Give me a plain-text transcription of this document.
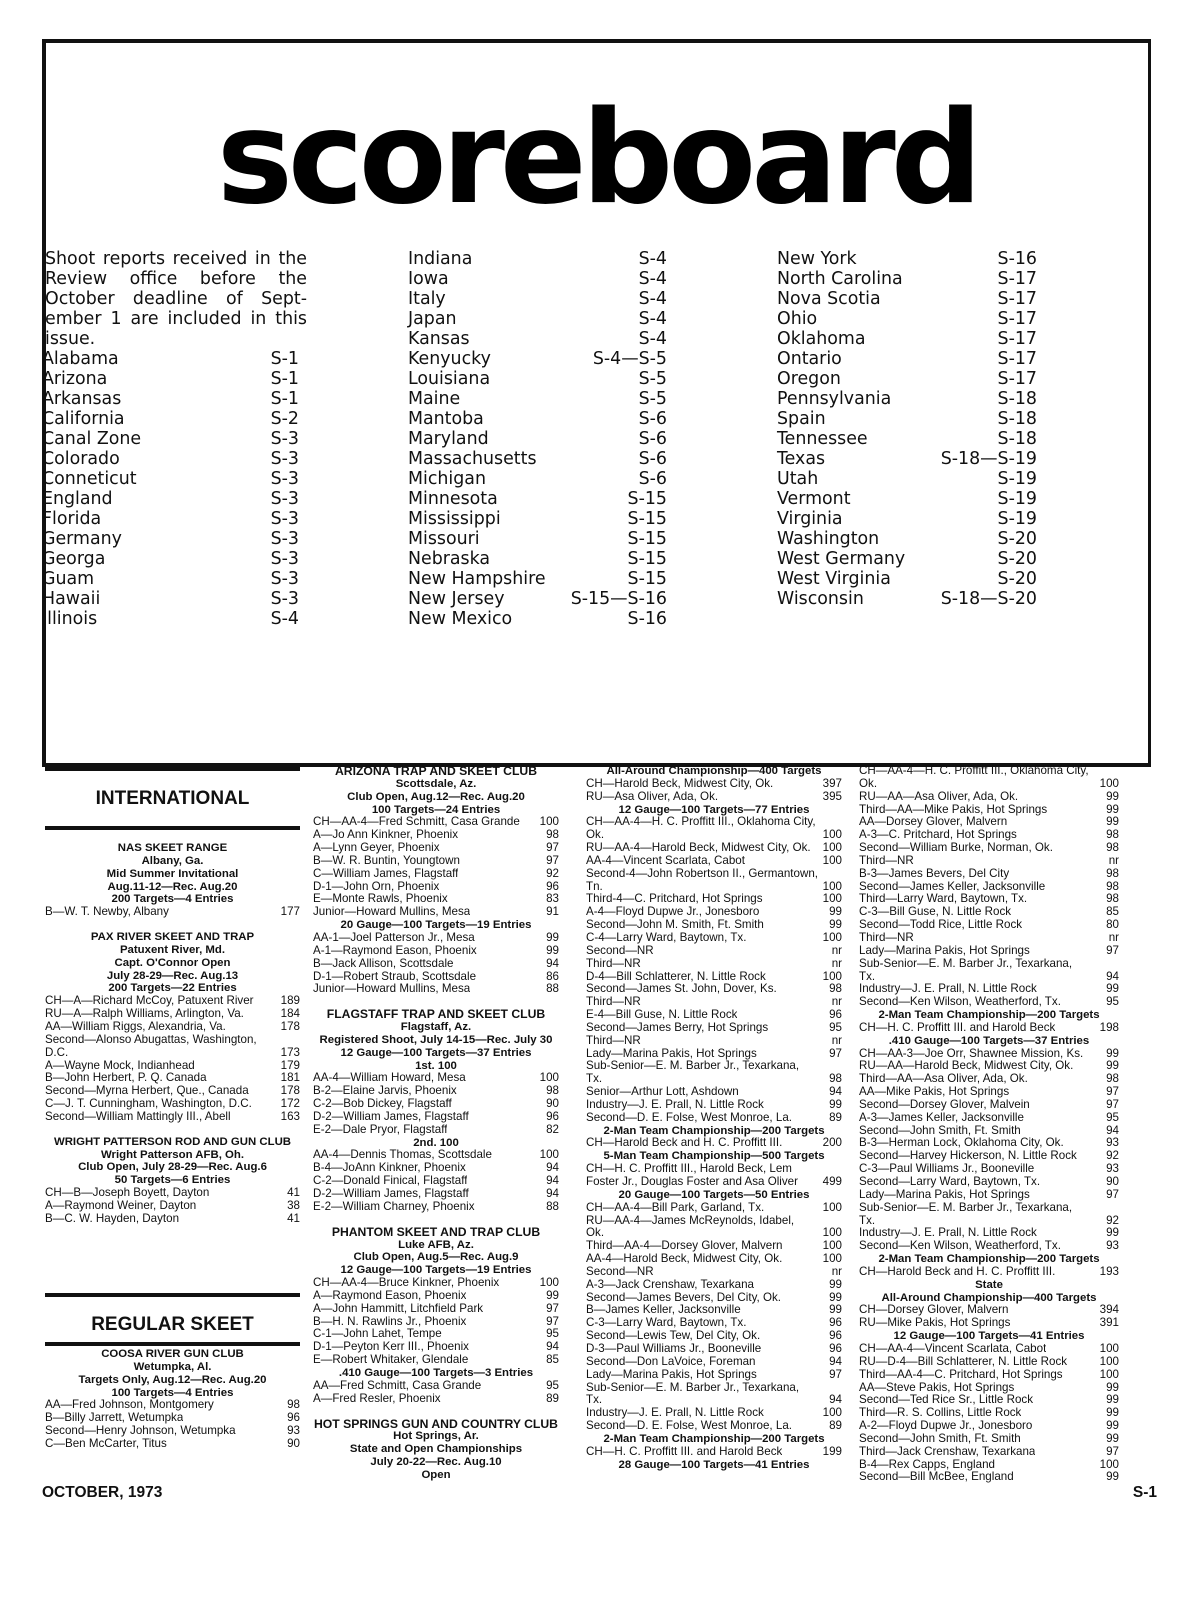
scoreboard
Shoot reports received in the
Review office before the
October deadline of Sept-
ember 1 are included in this
issue.
Alabama	S-1
Arizona	S-1
Arkansas	S-1
California	S-2
Canal Zone	S-3
Colorado	S-3
Conneticut	S-3
England	S-3
Florida	S-3
Germany	S-3
Georga	S-3
Guam	S-3
Hawaii	S-3
Illinois	S-4
Indiana	S-4
Iowa	S-4
Italy	S-4
Japan	S-4
Kansas	S-4
Kenyucky	S-4—S-5
Louisiana	S-5
Maine	S-5
Mantoba	S-6
Maryland	S-6
Massachusetts	S-6
Michigan	S-6
Minnesota	S-15
Mississippi	S-15
Missouri	S-15
Nebraska	S-15
New Hampshire	S-15
New Jersey	S-15—S-16
New Mexico	S-16
New York	S-16
North Carolina	S-17
Nova Scotia	S-17
Ohio	S-17
Oklahoma	S-17
Ontario	S-17
Oregon	S-17
Pennsylvania	S-18
Spain	S-18
Tennessee	S-18
Texas	S-18—S-19
Utah	S-19
Vermont	S-19
Virginia	S-19
Washington	S-20
West Germany	S-20
West Virginia	S-20
Wisconsin	S-18—S-20
INTERNATIONAL
REGULAR SKEET
NAS SKEET RANGE
Albany, Ga.
Mid Summer Invitational
Aug.11-12—Rec. Aug.20
200 Targets—4 Entries
B—W. T. Newby, Albany	177
PAX RIVER SKEET AND TRAP
Patuxent River, Md.
Capt. O'Connor Open
July 28-29—Rec. Aug.13
200 Targets—22 Entries
CH—A—Richard McCoy, Patuxent River	189
RU—A—Ralph Williams, Arlington, Va.	184
AA—William Riggs, Alexandria, Va.	178
Second—Alonso Abugattas, Washington,
D.C.	173
A—Wayne Mock, Indianhead	179
B—John Herbert, P. Q. Canada	181
Second—Myrna Herbert, Que., Canada	178
C—J. T. Cunningham, Washington, D.C.	172
Second—William Mattingly III., Abell	163
WRIGHT PATTERSON ROD AND GUN CLUB
Wright Patterson AFB, Oh.
Club Open, July 28-29—Rec. Aug.6
50 Targets—6 Entries
CH—B—Joseph Boyett, Dayton	41
A—Raymond Weiner, Dayton	38
B—C. W. Hayden, Dayton	41
COOSA RIVER GUN CLUB
Wetumpka, Al.
Targets Only, Aug.12—Rec. Aug.20
100 Targets—4 Entries
AA—Fred Johnson, Montgomery	98
B—Billy Jarrett, Wetumpka	96
Second—Henry Johnson, Wetumpka	93
C—Ben McCarter, Titus	90
ARIZONA TRAP AND SKEET CLUB
Scottsdale, Az.
Club Open, Aug.12—Rec. Aug.20
100 Targets—24 Entries
CH—AA-4—Fred Schmitt, Casa Grande	100
A—Jo Ann Kinkner, Phoenix	98
A—Lynn Geyer, Phoenix	97
B—W. R. Buntin, Youngtown	97
C—William James, Flagstaff	92
D-1—John Orn, Phoenix	96
E—Monte Rawls, Phoenix	83
Junior—Howard Mullins, Mesa	91
20 Gauge—100 Targets—19 Entries
AA-1—Joel Patterson Jr., Mesa	99
A-1—Raymond Eason, Phoenix	99
B—Jack Allison, Scottsdale	94
D-1—Robert Straub, Scottsdale	86
Junior—Howard Mullins, Mesa	88
FLAGSTAFF TRAP AND SKEET CLUB
Flagstaff, Az.
Registered Shoot, July 14-15—Rec. July 30
12 Gauge—100 Targets—37 Entries
1st. 100
AA-4—William Howard, Mesa	100
B-2—Elaine Jarvis, Phoenix	98
C-2—Bob Dickey, Flagstaff	90
D-2—William James, Flagstaff	96
E-2—Dale Pryor, Flagstaff	82
2nd. 100
AA-4—Dennis Thomas, Scottsdale	100
B-4—JoAnn Kinkner, Phoenix	94
C-2—Donald Finical, Flagstaff	94
D-2—William James, Flagstaff	94
E-2—William Charney, Phoenix	88
PHANTOM SKEET AND TRAP CLUB
Luke AFB, Az.
Club Open, Aug.5—Rec. Aug.9
12 Gauge—100 Targets—19 Entries
CH—AA-4—Bruce Kinkner, Phoenix	100
A—Raymond Eason, Phoenix	99
A—John Hammitt, Litchfield Park	97
B—H. N. Rawlins Jr., Phoenix	97
C-1—John Lahet, Tempe	95
D-1—Peyton Kerr III., Phoenix	94
E—Robert Whitaker, Glendale	85
.410 Gauge—100 Targets—3 Entries
AA—Fred Schmitt, Casa Grande	95
A—Fred Resler, Phoenix	89
HOT SPRINGS GUN AND COUNTRY CLUB
Hot Springs, Ar.
State and Open Championships
July 20-22—Rec. Aug.10
Open
All-Around Championship—400 Targets
CH—Harold Beck, Midwest City, Ok.	397
RU—Asa Oliver, Ada, Ok.	395
12 Gauge—100 Targets—77 Entries
CH—AA-4—H. C. Proffitt III., Oklahoma City,
Ok.	100
RU—AA-4—Harold Beck, Midwest City, Ok.	100
AA-4—Vincent Scarlata, Cabot	100
Second-4—John Robertson II., Germantown,
Tn.	100
Third-4—C. Pritchard, Hot Springs	100
A-4—Floyd Dupwe Jr., Jonesboro	99
Second—John M. Smith, Ft. Smith	99
C-4—Larry Ward, Baytown, Tx.	100
Second—NR	nr
Third—NR	nr
D-4—Bill Schlatterer, N. Little Rock	100
Second—James St. John, Dover, Ks.	98
Third—NR	nr
E-4—Bill Guse, N. Little Rock	96
Second—James Berry, Hot Springs	95
Third—NR	nr
Lady—Marina Pakis, Hot Springs	97
Sub-Senior—E. M. Barber Jr., Texarkana,
Tx.	98
Senior—Arthur Lott, Ashdown	94
Industry—J. E. Prall, N. Little Rock	99
Second—D. E. Folse, West Monroe, La.	89
2-Man Team Championship—200 Targets
CH—Harold Beck and H. C. Proffitt III.	200
5-Man Team Championship—500 Targets
CH—H. C. Proffitt III., Harold Beck, Lem
Foster Jr., Douglas Foster and Asa Oliver	499
20 Gauge—100 Targets—50 Entries
CH—AA-4—Bill Park, Garland, Tx.	100
RU—AA-4—James McReynolds, Idabel,
Ok.	100
Third—AA-4—Dorsey Glover, Malvern	100
AA-4—Harold Beck, Midwest City, Ok.	100
Second—NR	nr
A-3—Jack Crenshaw, Texarkana	99
Second—James Bevers, Del City, Ok.	99
B—James Keller, Jacksonville	99
C-3—Larry Ward, Baytown, Tx.	96
Second—Lewis Tew, Del City, Ok.	96
D-3—Paul Williams Jr., Booneville	96
Second—Don LaVoice, Foreman	94
Lady—Marina Pakis, Hot Springs	97
Sub-Senior—E. M. Barber Jr., Texarkana,
Tx.	94
Industry—J. E. Prall, N. Little Rock	100
Second—D. E. Folse, West Monroe, La.	89
2-Man Team Championship—200 Targets
CH—H. C. Proffitt III. and Harold Beck	199
28 Gauge—100 Targets—41 Entries
CH—AA-4—H. C. Proffitt III., Oklahoma City,
Ok.	100
RU—AA—Asa Oliver, Ada, Ok.	99
Third—AA—Mike Pakis, Hot Springs	99
AA—Dorsey Glover, Malvern	99
A-3—C. Pritchard, Hot Springs	98
Second—William Burke, Norman, Ok.	98
Third—NR	nr
B-3—James Bevers, Del City	98
Second—James Keller, Jacksonville	98
Third—Larry Ward, Baytown, Tx.	98
C-3—Bill Guse, N. Little Rock	85
Second—Todd Rice, Little Rock	80
Third—NR	nr
Lady—Marina Pakis, Hot Springs	97
Sub-Senior—E. M. Barber Jr., Texarkana,
Tx.	94
Industry—J. E. Prall, N. Little Rock	99
Second—Ken Wilson, Weatherford, Tx.	95
2-Man Team Championship—200 Targets
CH—H. C. Proffitt III. and Harold Beck	198
.410 Gauge—100 Targets—37 Entries
CH—AA-3—Joe Orr, Shawnee Mission, Ks.	99
RU—AA—Harold Beck, Midwest City, Ok.	99
Third—AA—Asa Oliver, Ada, Ok.	98
AA—Mike Pakis, Hot Springs	97
Second—Dorsey Glover, Malvein	97
A-3—James Keller, Jacksonville	95
Second—John Smith, Ft. Smith	94
B-3—Herman Lock, Oklahoma City, Ok.	93
Second—Harvey Hickerson, N. Little Rock	92
C-3—Paul Williams Jr., Booneville	93
Second—Larry Ward, Baytown, Tx.	90
Lady—Marina Pakis, Hot Springs	97
Sub-Senior—E. M. Barber Jr., Texarkana,
Tx.	92
Industry—J. E. Prall, N. Little Rock	99
Second—Ken Wilson, Weatherford, Tx.	93
2-Man Team Championship—200 Targets
CH—Harold Beck and H. C. Proffitt III.	193
State
All-Around Championship—400 Targets
CH—Dorsey Glover, Malvern	394
RU—Mike Pakis, Hot Springs	391
12 Gauge—100 Targets—41 Entries
CH—AA-4—Vincent Scarlata, Cabot	100
RU—D-4—Bill Schlatterer, N. Little Rock	100
Third—AA-4—C. Pritchard, Hot Springs	100
AA—Steve Pakis, Hot Springs	99
Second—Ted Rice Sr., Little Rock	99
Third—R. S. Collins, Little Rock	99
A-2—Floyd Dupwe Jr., Jonesboro	99
Second—John Smith, Ft. Smith	99
Third—Jack Crenshaw, Texarkana	97
B-4—Rex Capps, England	100
Second—Bill McBee, England	99
OCTOBER, 1973	S-1
